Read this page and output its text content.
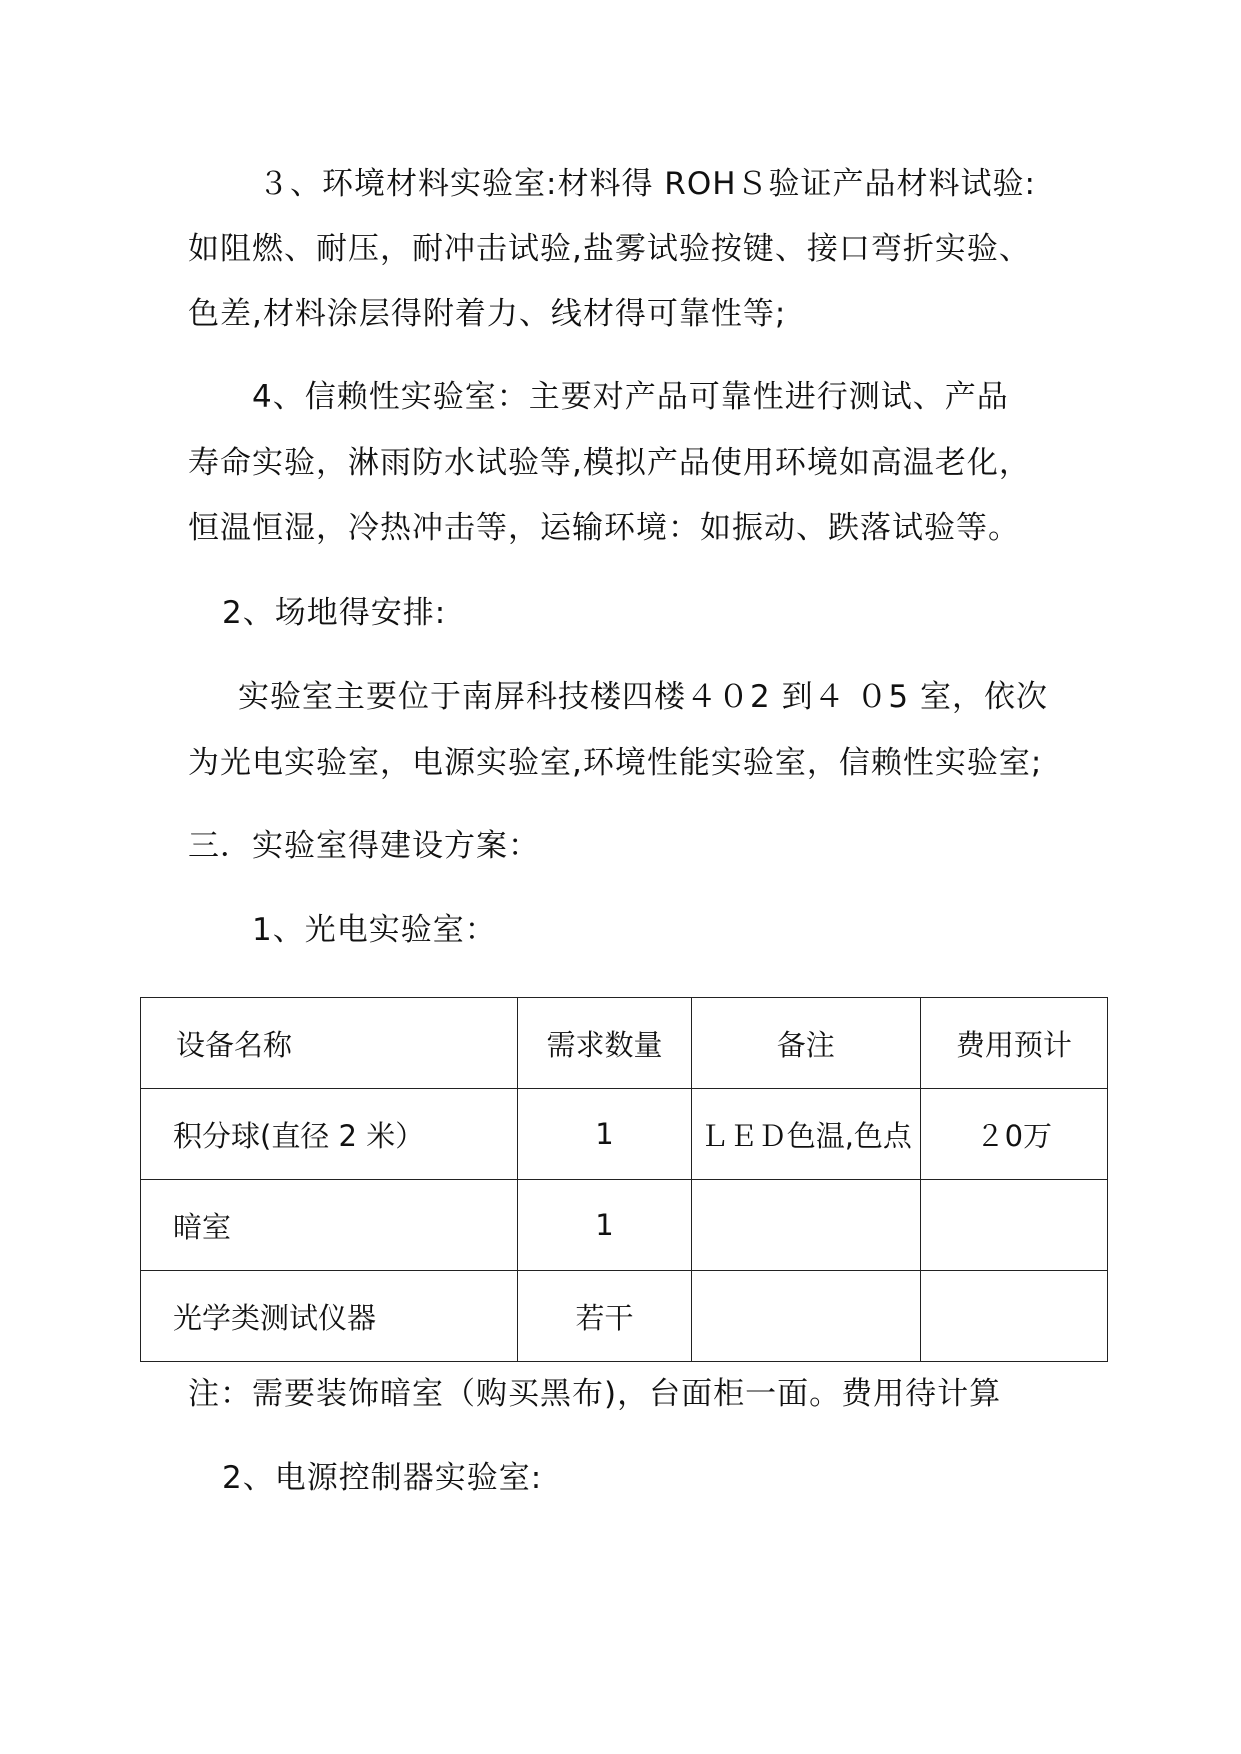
３、环境材料实验室:材料得 ROHＳ验证产品材料试验:
如阻燃、耐压，耐冲击试验,盐雾试验按键、接口弯折实验、
色差,材料涂层得附着力、线材得可靠性等;
4、信赖性实验室：主要对产品可靠性进行测试、产品
寿命实验，淋雨防水试验等,模拟产品使用环境如高温老化，
恒温恒湿，冷热冲击等，运输环境：如振动、跌落试验等。
2、场地得安排:
实验室主要位于南屏科技楼四楼４０2 到４ ０5 室，依次
为光电实验室，电源实验室,环境性能实验室，信赖性实验室;
三．实验室得建设方案：
1、光电实验室：
设备名称	需求数量	备注	费用预计
积分球(直径 2 米）	1	ＬＥＤ色温,色点	２0万
暗室	1		
光学类测试仪器	若干		
注：需要装饰暗室（购买黑布)，台面柜一面。费用待计算
2、电源控制器实验室:
